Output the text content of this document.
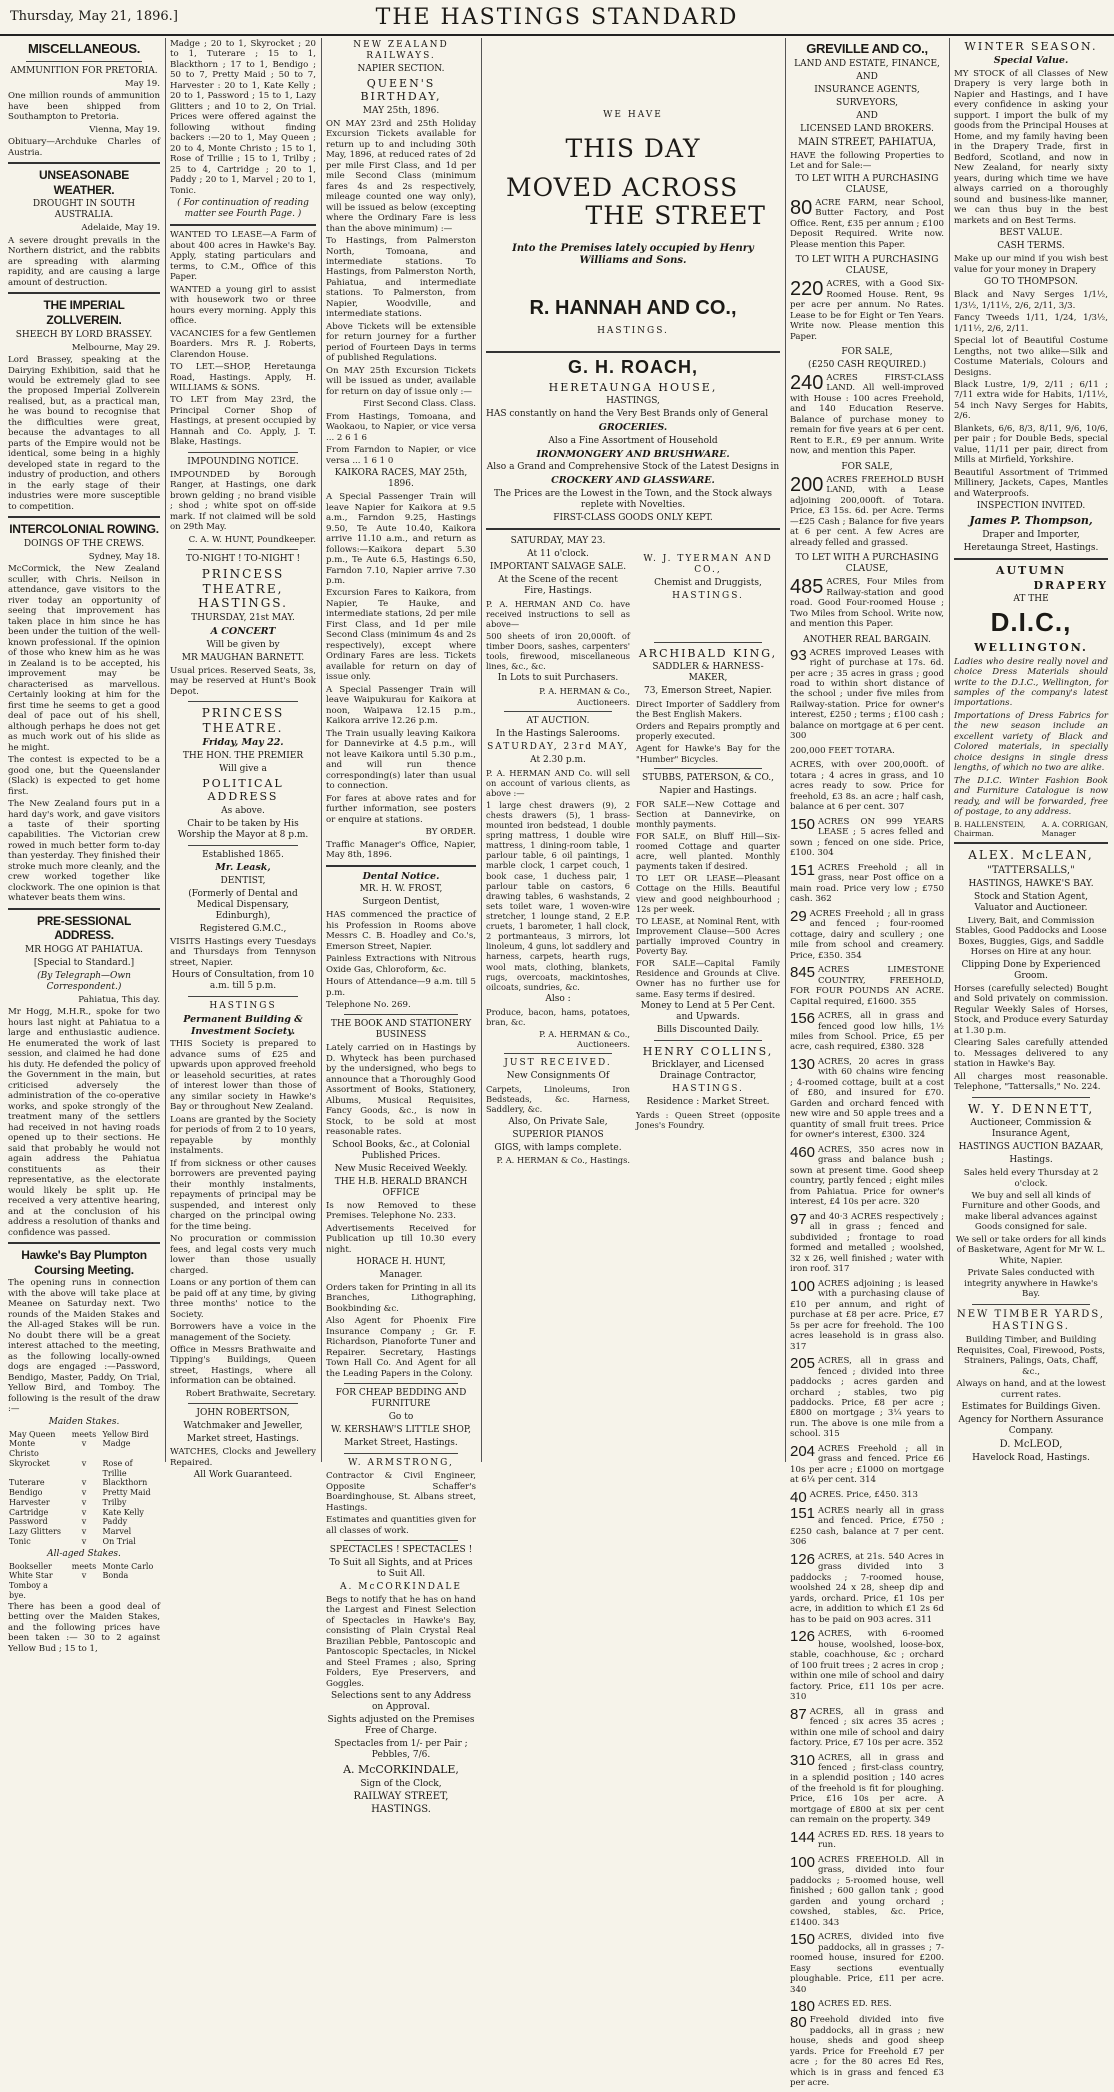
Thursday, May 21, 1896.]	THE HASTINGS STANDARD
MISCELLANEOUS.
AMMUNITION FOR PRETORIA.
May 19.
One million rounds of ammunition have been shipped from Southampton to Pretoria.
Vienna, May 19.
Obituary—Archduke Charles of Austria.
UNSEASONABE WEATHER.
DROUGHT IN SOUTH AUSTRALIA.
Adelaide, May 19.
A severe drought prevails in the Northern district, and the rabbits are spreading with alarming rapidity, and are causing a large amount of destruction.
THE IMPERIAL ZOLLVEREIN.
SHEECH BY LORD BRASSEY.
Melbourne, May 29.
Lord Brassey, speaking at the Dairying Exhibition, said that he would be extremely glad to see the proposed Imperial Zollverein realised, but, as a practical man, he was bound to recognise that the difficulties were great, because the advantages to all parts of the Empire would not be identical, some being in a highly developed state in regard to the industry of production, and others in the early stage of their industries were more susceptible to competition.
INTERCOLONIAL ROWING.
DOINGS OF THE CREWS.
Sydney, May 18.
McCormick, the New Zealand sculler, with Chris. Neilson in attendance, gave visitors to the river today an opportunity of seeing that improvement has taken place in him since he has been under the tuition of the well-known professional. If the opinion of those who knew him as he was in Zealand is to be accepted, his improvement may be characterised as marvellous. Certainly looking at him for the first time he seems to get a good deal of pace out of his shell, although perhaps he does not get as much work out of his slide as he might.
The contest is expected to be a good one, but the Queenslander (Slack) is expected to get home first.
The New Zealand fours put in a hard day's work, and gave visitors a taste of their sporting capabilities. The Victorian crew rowed in much better form to-day than yesterday. They finished their stroke much more cleanly, and the crew worked together like clockwork. The one opinion is that whatever beats them wins.
PRE-SESSIONAL ADDRESS.
MR HOGG AT PAHIATUA.
[Special to Standard.]
(By Telegraph—Own Correspondent.)
Pahiatua, This day.
Mr Hogg, M.H.R., spoke for two hours last night at Pahiatua to a large and enthusiastic audience. He enumerated the work of last session, and claimed he had done his duty. He defended the policy of the Government in the main, but criticised adversely the administration of the co-operative works, and spoke strongly of the treatment many of the settlers had received in not having roads opened up to their sections. He said that probably he would not again address the Pahiatua constituents as their representative, as the electorate would likely be split up. He received a very attentive hearing, and at the conclusion of his address a resolution of thanks and confidence was passed.
Hawke's Bay Plumpton Coursing Meeting.
The opening runs in connection with the above will take place at Meanee on Saturday next. Two rounds of the Maiden Stakes and the All-aged Stakes will be run. No doubt there will be a great interest attached to the meeting, as the following locally-owned dogs are engaged :—Password, Bendigo, Master, Paddy, On Trial, Yellow Bird, and Tomboy. The following is the result of the draw :—
Maiden Stakes.
May Queen	meets Yellow Bird
Monte Christo
v	Madge
Skyrocket	v	Rose of Trillie
Tuterare	v	Blackthorn
Bendigo	v	Pretty Maid
Harvester	v	Trilby
Cartridge	v	Kate Kelly
Password	v	Paddy
Lazy Glitters	v	Marvel
Tonic	v	On Trial
All-aged Stakes.
Bookseller	meets Monte Carlo
White Star	v	Bonda
Tomboy a bye.
There has been a good deal of betting over the Maiden Stakes, and the following prices have been taken :— 30 to 2 against Yellow Bud ; 15 to 1,
Madge ; 20 to 1, Skyrocket ; 20 to 1, Tuterare ; 15 to 1, Blackthorn ; 17 to 1, Bendigo ; 50 to 7, Pretty Maid ; 50 to 7, Harvester : 20 to 1, Kate Kelly ; 20 to 1, Password ; 15 to 1, Lazy Glitters ; and 10 to 2, On Trial. Prices were offered against the following without finding backers :—20 to 1, May Queen ; 20 to 4, Monte Christo ; 15 to 1, Rose of Trillie ; 15 to 1, Trilby ; 25 to 4, Cartridge ; 20 to 1, Paddy ; 20 to 1, Marvel ; 20 to 1, Tonic.
( For continuation of reading matter see Fourth Page. )
WANTED TO LEASE—A Farm of about 400 acres in Hawke's Bay. Apply, stating particulars and terms, to C.M., Office of this Paper.
WANTED a young girl to assist with housework two or three hours every morning. Apply this office.
VACANCIES for a few Gentlemen Boarders. Mrs R. J. Roberts, Clarendon House.
TO LET.—SHOP, Heretaunga Road, Hastings. Apply, H. WILLIAMS & SONS.
TO LET from May 23rd, the Principal Corner Shop of Hastings, at present occupied by Hannah and Co. Apply, J. T. Blake, Hastings.
IMPOUNDING NOTICE.
IMPOUNDED by Borough Ranger, at Hastings, one dark brown gelding ; no brand visible ; shod ; white spot on off-side mark. If not claimed will be sold on 29th May.
C. A. W. HUNT, Poundkeeper.
TO-NIGHT ! TO-NIGHT !
PRINCESS THEATRE, HASTINGS.
THURSDAY, 21st MAY.
A CONCERT
Will be given by
MR MAUGHAN BARNETT.
Usual prices. Reserved Seats, 3s, may be reserved at Hunt's Book Depot.
PRINCESS THEATRE.
Friday, May 22.
THE HON. THE PREMIER
Will give a
POLITICAL ADDRESS
As above.
Chair to be taken by His Worship the Mayor at 8 p.m.
Established 1865.
Mr. Leask,
DENTIST,
(Formerly of Dental and Medical Dispensary, Edinburgh),
Registered G.M.C.,
VISITS Hastings every Tuesdays and Thursdays from Tennyson street, Napier.
Hours of Consultation, from 10 a.m. till 5 p.m.
HASTINGS
Permanent Building & Investment Society.
THIS Society is prepared to advance sums of £25 and upwards upon approved freehold or leasehold securities, at rates of interest lower than those of any similar society in Hawke's Bay or throughout New Zealand.
Loans are granted by the Society for periods of from 2 to 10 years, repayable by monthly instalments.
If from sickness or other causes borrowers are prevented paying their monthly instalments, repayments of principal may be suspended, and interest only charged on the principal owing for the time being.
No procuration or commission fees, and legal costs very much lower than those usually charged.
Loans or any portion of them can be paid off at any time, by giving three months' notice to the Society.
Borrowers have a voice in the management of the Society.
Office in Messrs Brathwaite and Tipping's Buildings, Queen street, Hastings, where all information can be obtained.
Robert Brathwaite, Secretary.
JOHN ROBERTSON,
Watchmaker and Jeweller,
Market street, Hastings.
WATCHES, Clocks and Jewellery Repaired.
All Work Guaranteed.
NEW ZEALAND RAILWAYS.
NAPIER SECTION.
QUEEN'S BIRTHDAY,
MAY 25th, 1896.
ON MAY 23rd and 25th Holiday Excursion Tickets available for return up to and including 30th May, 1896, at reduced rates of 2d per mile First Class, and 1d per mile Second Class (minimum fares 4s and 2s respectively, mileage counted one way only), will be issued as below (excepting where the Ordinary Fare is less than the above minimum) :—
To Hastings, from Palmerston North, Tomoana, and intermediate stations. To Hastings, from Palmerston North, Pahiatua, and intermediate stations. To Palmerston, from Napier, Woodville, and intermediate stations.
Above Tickets will be extensible for return journey for a further period of Fourteen Days in terms of published Regulations.
On MAY 25th Excursion Tickets will be issued as under, available for return on day of issue only :—
First Second Class. Class.
From Hastings, Tomoana, and Waokaou, to Napier, or vice versa ... 2 6 1 6
From Farndon to Napier, or vice versa ... 1 6 1 0
KAIKORA RACES, MAY 25th, 1896.
A Special Passenger Train will leave Napier for Kaikora at 9.5 a.m., Farndon 9.25, Hastings 9.50, Te Aute 10.40, Kaikora arrive 11.10 a.m., and return as follows:—Kaikora depart 5.30 p.m., Te Aute 6.5, Hastings 6.50, Farndon 7.10, Napier arrive 7.30 p.m.
Excursion Fares to Kaikora, from Napier, Te Hauke, and intermediate stations, 2d per mile First Class, and 1d per mile Second Class (minimum 4s and 2s respectively), except where Ordinary Fares are less. Tickets available for return on day of issue only.
A Special Passenger Train will leave Waipukurau for Kaikora at noon, Waipawa 12.15 p.m., Kaikora arrive 12.26 p.m.
The Train usually leaving Kaikora for Dannevirke at 4.5 p.m., will not leave Kaikora until 5.30 p.m., and will run thence corresponding(s) later than usual to connection.
For fares at above rates and for further information, see posters or enquire at stations.
BY ORDER.
Traffic Manager's Office, Napier, May 8th, 1896.
Dental Notice.
MR. H. W. FROST,
Surgeon Dentist,
HAS commenced the practice of his Profession in Rooms above Messrs C. B. Hoadley and Co.'s, Emerson Street, Napier.
Painless Extractions with Nitrous Oxide Gas, Chloroform, &c.
Hours of Attendance—9 a.m. till 5 p.m.
Telephone No. 269.
THE BOOK AND STATIONERY BUSINESS
Lately carried on in Hastings by D. Whyteck has been purchased by the undersigned, who begs to announce that a Thoroughly Good Assortment of Books, Stationery, Albums, Musical Requisites, Fancy Goods, &c., is now in Stock, to be sold at most reasonable rates.
School Books, &c., at Colonial Published Prices.
New Music Received Weekly.
THE H.B. HERALD BRANCH OFFICE
Is now Removed to these Premises. Telephone No. 233.
Advertisements Received for Publication up till 10.30 every night.
HORACE H. HUNT,
Manager.
Orders taken for Printing in all its Branches, Lithographing, Bookbinding &c.
Also Agent for Phoenix Fire Insurance Company ; Gr. F. Richardson, Pianoforte Tuner and Repairer. Secretary, Hastings Town Hall Co. And Agent for all the Leading Papers in the Colony.
FOR CHEAP BEDDING AND FURNITURE
Go to
W. KERSHAW'S LITTLE SHOP,
Market Street, Hastings.
W. ARMSTRONG,
Contractor & Civil Engineer, Opposite Schaffer's Boardinghouse, St. Albans street, Hastings.
Estimates and quantities given for all classes of work.
SPECTACLES ! SPECTACLES !
To Suit all Sights, and at Prices to Suit All.
A. McCORKINDALE
Begs to notify that he has on hand the Largest and Finest Selection of Spectacles in Hawke's Bay, consisting of Plain Crystal Real Brazilian Pebble, Pantoscopic and Pantoscopic Spectacles, in Nickel and Steel Frames ; also, Spring Folders, Eye Preservers, and Goggles.
Selections sent to any Address on Approval.
Sights adjusted on the Premises Free of Charge.
Spectacles from 1/- per Pair ; Pebbles, 7/6.
A. McCORKINDALE,
Sign of the Clock,
RAILWAY STREET, HASTINGS.
WE HAVE
THIS DAY
MOVED ACROSS
THE STREET
Into the Premises lately occupied by Henry Williams and Sons.
R. HANNAH AND CO.,
HASTINGS.
G. H. ROACH,
HERETAUNGA HOUSE,
HASTINGS,
HAS constantly on hand the Very Best Brands only of General
GROCERIES.
Also a Fine Assortment of Household
IRONMONGERY AND BRUSHWARE.
Also a Grand and Comprehensive Stock of the Latest Designs in
CROCKERY AND GLASSWARE.
The Prices are the Lowest in the Town, and the Stock always replete with Novelties.
FIRST-CLASS GOODS ONLY KEPT.
SATURDAY, MAY 23.
At 11 o'clock.
IMPORTANT SALVAGE SALE.
At the Scene of the recent Fire, Hastings.
P. A. HERMAN AND Co. have received instructions to sell as above—
500 sheets of iron 20,000ft. of timber Doors, sashes, carpenters' tools, firewood, miscellaneous lines, &c., &c.
In Lots to suit Purchasers.
P. A. HERMAN & Co., Auctioneers.
AT AUCTION.
In the Hastings Salerooms.
SATURDAY, 23rd MAY,
At 2.30 p.m.
P. A. HERMAN AND Co. will sell on account of various clients, as above :—
1 large chest drawers (9), 2 chests drawers (5), 1 brass-mounted iron bedstead, 1 double spring mattress, 1 double wire mattress, 1 dining-room table, 1 parlour table, 6 oil paintings, 1 marble clock, 1 carpet couch, 1 book case, 1 duchess pair, 1 parlour table on castors, 6 drawing tables, 6 washstands, 2 sets toilet ware, 1 woven-wire stretcher, 1 lounge stand, 2 E.P. cruets, 1 barometer, 1 hall clock, 2 portmanteaus, 3 mirrors, lot linoleum, 4 guns, lot saddlery and harness, carpets, hearth rugs, wool mats, clothing, blankets, rugs, overcoats, mackintoshes, oilcoats, sundries, &c.
Also :
Produce, bacon, hams, potatoes, bran, &c.
P. A. HERMAN & Co., Auctioneers.
JUST RECEIVED.
New Consignments Of
Carpets, Linoleums, Iron Bedsteads, &c. Harness, Saddlery, &c.
Also, On Private Sale,
SUPERIOR PIANOS
GIGS, with lamps complete.
P. A. HERMAN & Co., Hastings.
W. J. TYERMAN AND CO.,
Chemist and Druggists,
HASTINGS.
ARCHIBALD KING,
SADDLER & HARNESS-MAKER,
73, Emerson Street, Napier.
Direct Importer of Saddlery from the Best English Makers.
Orders and Repairs promptly and properly executed.
Agent for Hawke's Bay for the "Humber" Bicycles.
STUBBS, PATERSON, & CO.,
Napier and Hastings.
FOR SALE—New Cottage and Section at Dannevirke, on monthly payments.
FOR SALE, on Bluff Hill—Six-roomed Cottage and quarter acre, well planted. Monthly payments taken if desired.
TO LET OR LEASE—Pleasant Cottage on the Hills. Beautiful view and good neighbourhood ; 12s per week.
TO LEASE, at Nominal Rent, with Improvement Clause—500 Acres partially improved Country in Poverty Bay.
FOR SALE—Capital Family Residence and Grounds at Clive. Owner has no further use for same. Easy terms if desired.
Money to Lend at 5 Per Cent. and Upwards.
Bills Discounted Daily.
HENRY COLLINS,
Bricklayer, and Licensed Drainage Contractor,
HASTINGS.
Residence : Market Street.
Yards : Queen Street (opposite Jones's Foundry.
GREVILLE AND CO.,
LAND AND ESTATE, FINANCE,
AND
INSURANCE AGENTS,
SURVEYORS,
AND
LICENSED LAND BROKERS.
MAIN STREET, PAHIATUA,
HAVE the following Properties to Let and for Sale:—
TO LET WITH A PURCHASING CLAUSE,
80 ACRE FARM, near School, Butter Factory, and Post Office. Rent, £35 per annum ; £100 Deposit Required. Write now. Please mention this Paper.
TO LET WITH A PURCHASING CLAUSE,
220 ACRES, with a Good Six-Roomed House. Rent, 9s per acre per annum. No Rates. Lease to be for Eight or Ten Years. Write now. Please mention this Paper.
FOR SALE,
(£250 CASH REQUIRED.)
240 ACRES FIRST-CLASS LAND. All well-improved with House : 100 acres Freehold, and 140 Education Reserve. Balance of purchase money to remain for five years at 6 per cent. Rent to E.R., £9 per annum. Write now, and mention this Paper.
FOR SALE,
200 ACRES FREEHOLD BUSH LAND, with a Lease adjoining 200,000ft. of Totara. Price, £3 15s. 6d. per Acre. Terms—£25 Cash ; Balance for five years at 6 per cent. A few Acres are already felled and grassed.
TO LET WITH A PURCHASING CLAUSE,
485 ACRES, Four Miles from Railway-station and good road. Good Four-roomed House ; Two Miles from School. Write now, and mention this Paper.
ANOTHER REAL BARGAIN.
93 ACRES improved Leases with right of purchase at 17s. 6d. per acre ; 35 acres in grass ; good road to within short distance of the school ; under five miles from Railway-station. Price for owner's interest, £250 ; terms ; £100 cash ; balance on mortgage at 6 per cent. 300
200,000 FEET TOTARA.
ACRES, with over 200,000ft. of totara ; 4 acres in grass, and 10 acres ready to sow. Price for freehold, £3 8s. an acre ; half cash, balance at 6 per cent. 307
150 ACRES ON 999 YEARS LEASE ; 5 acres felled and sown ; fenced on one side. Price, £100. 304
151 ACRES Freehold ; all in grass, near Post office on a main road. Price very low ; £750 cash. 362
29 ACRES Freehold ; all in grass and fenced ; four-roomed cottage, dairy and scullery ; one mile from school and creamery. Price, £350. 354
845 ACRES LIMESTONE COUNTRY, FREEHOLD, FOR FOUR POUNDS AN ACRE. Capital required, £1600. 355
156 ACRES, all in grass and fenced good low hills, 1½ miles from School. Price, £5 per acre, cash required, £380. 328
130 ACRES, 20 acres in grass with 60 chains wire fencing ; 4-roomed cottage, built at a cost of £80, and insured for £70. Garden and orchard fenced with new wire and 50 apple trees and a quantity of small fruit trees. Price for owner's interest, £300. 324
460 ACRES, 350 acres now in grass and balance bush ; sown at present time. Good sheep country, partly fenced ; eight miles from Pahiatua. Price for owner's interest, £4 10s per acre. 320
97 and 40·3 ACRES respectively ; all in grass ; fenced and subdivided ; frontage to road formed and metalled ; woolshed, 32 x 26, well finished ; water with iron roof. 317
100 ACRES adjoining ; is leased with a purchasing clause of £10 per annum, and right of purchase at £8 per acre. Price, £7 5s per acre for freehold. The 100 acres leasehold is in grass also. 317
205 ACRES, all in grass and fenced ; divided into three paddocks ; acres garden and orchard ; stables, two pig paddocks. Price, £8 per acre ; £800 on mortgage ; 3¼ years to run. The above is one mile from a school. 315
204 ACRES Freehold ; all in grass and fenced. Price £6 10s per acre ; £1000 on mortgage at 6¼ per cent. 314
40 ACRES. Price, £450. 313
151 ACRES nearly all in grass and fenced. Price, £750 ; £250 cash, balance at 7 per cent. 306
126 ACRES, at 21s. 540 Acres in grass divided into 3 paddocks ; 7-roomed house, woolshed 24 x 28, sheep dip and yards, orchard. Price, £1 10s per acre, in addition to which £1 2s 6d has to be paid on 903 acres. 311
126 ACRES, with 6-roomed house, woolshed, loose-box, stable, coachhouse, &c ; orchard of 100 fruit trees ; 2 acres in crop ; within one mile of school and dairy factory. Price, £11 10s per acre. 310
87 ACRES, all in grass and fenced ; six acres 35 acres ; within one mile of school and dairy factory. Price, £7 10s per acre. 352
310 ACRES, all in grass and fenced ; first-class country, in a splendid position ; 140 acres of the freehold is fit for ploughing. Price, £16 10s per acre. A mortgage of £800 at six per cent can remain on the property. 349
144 ACRES ED. RES. 18 years to run.
100 ACRES FREEHOLD. All in grass, divided into four paddocks ; 5-roomed house, well finished ; 600 gallon tank ; good garden and young orchard ; cowshed, stables, &c. Price, £1400. 343
150 ACRES, divided into five paddocks, all in grasses ; 7-roomed house, insured for £200. Easy sections eventually ploughable. Price, £11 per acre. 340
180 ACRES ED. RES.
80 Freehold divided into five paddocks, all in grass ; new house, sheds and good sheep yards. Price for Freehold £7 per acre ; for the 80 acres Ed Res, which is in grass and fenced £3 per acre.
WINTER SEASON.
Special Value.
MY STOCK of all Classes of New Drapery is very large both in Napier and Hastings, and I have every confidence in asking your support. I import the bulk of my goods from the Principal Houses at Home, and my family having been in the Drapery Trade, first in Bedford, Scotland, and now in New Zealand, for nearly sixty years, during which time we have always carried on a thoroughly sound and business-like manner, we can thus buy in the best markets and on Best Terms.
BEST VALUE.
CASH TERMS.
Make up our mind if you wish best value for your money in Drapery
GO TO THOMPSON.
Black and Navy Serges 1/1½, 1/3½, 1/11½, 2/6, 2/11, 3/3.
Fancy Tweeds 1/11, 1/24, 1/3½, 1/11½, 2/6, 2/11.
Special lot of Beautiful Costume Lengths, not two alike—Silk and Costume Materials, Colours and Designs.
Black Lustre, 1/9, 2/11 ; 6/11 ; 7/11 extra wide for Habits, 1/11½, 54 inch Navy Serges for Habits, 2/6.
Blankets, 6/6, 8/3, 8/11, 9/6, 10/6, per pair ; for Double Beds, special value, 11/11 per pair, direct from Mills at Mirfield, Yorkshire.
Beautiful Assortment of Trimmed Millinery, Jackets, Capes, Mantles and Waterproofs.
INSPECTION INVITED.
James P. Thompson,
Draper and Importer,
Heretaunga Street, Hastings.
AUTUMN
DRAPERY
AT THE
D.I.C.,
WELLINGTON.
Ladies who desire really novel and choice Dress Materials should write to the D.I.C., Wellington, for samples of the company's latest importations.
Importations of Dress Fabrics for the new season include an excellent variety of Black and Colored materials, in specially choice designs in single dress lengths, of which no two are alike.
The D.I.C. Winter Fashion Book and Furniture Catalogue is now ready, and will be forwarded, free of postage, to any address.
B. HALLENSTEIN,
Chairman.
A. A. CORRIGAN,
Manager
ALEX. McLEAN,
"TATTERSALLS,"
HASTINGS, HAWKE'S BAY.
Stock and Station Agent, Valuator and Auctioneer.
Livery, Bait, and Commission Stables, Good Paddocks and Loose Boxes, Buggies, Gigs, and Saddle Horses on Hire at any hour.
Clipping Done by Experienced Groom.
Horses (carefully selected) Bought and Sold privately on commission. Regular Weekly Sales of Horses, Stock, and Produce every Saturday at 1.30 p.m.
Clearing Sales carefully attended to. Messages delivered to any station in Hawke's Bay.
All charges most reasonable. Telephone, "Tattersalls," No. 224.
W. Y. DENNETT,
Auctioneer, Commission & Insurance Agent,
HASTINGS AUCTION BAZAAR,
Hastings.
Sales held every Thursday at 2 o'clock.
We buy and sell all kinds of Furniture and other Goods, and make liberal advances against Goods consigned for sale.
We sell or take orders for all kinds of Basketware, Agent for Mr W. L. White, Napier.
Private Sales conducted with integrity anywhere in Hawke's Bay.
NEW TIMBER YARDS, HASTINGS.
Building Timber, and Building Requisites, Coal, Firewood, Posts, Strainers, Palings, Oats, Chaff, &c.,
Always on hand, and at the lowest current rates.
Estimates for Buildings Given.
Agency for Northern Assurance Company.
D. McLEOD,
Havelock Road, Hastings.
